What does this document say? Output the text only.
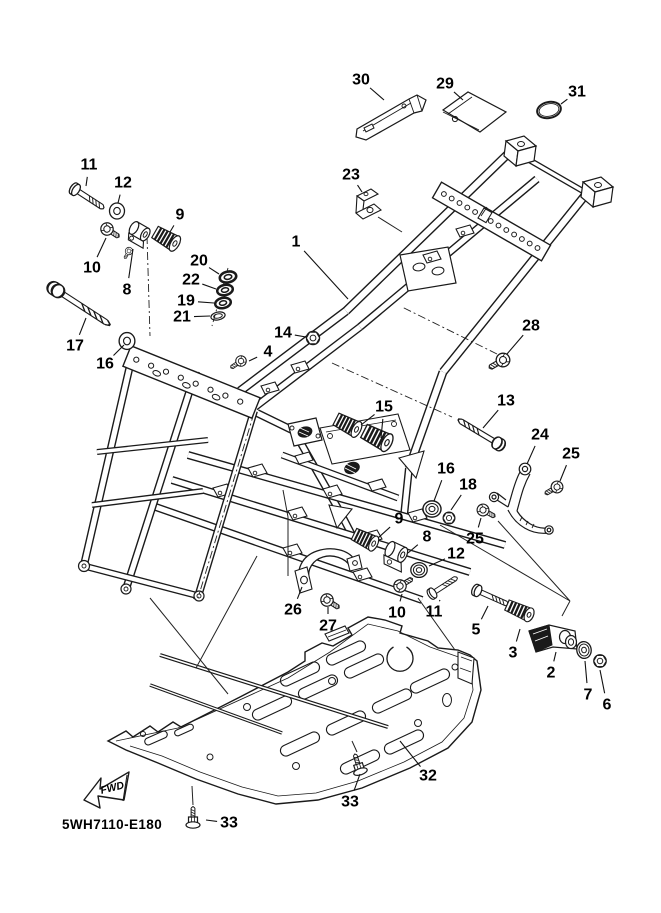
1
2
3
4
5
6
7
8
8
9
9
10
10
11
11
12
12
13
14
15
16
16
17
18
19
20
21
22
23
24
25
25
26
27
28
29
30
31
32
33
33
FWD
5WH7110-E180
